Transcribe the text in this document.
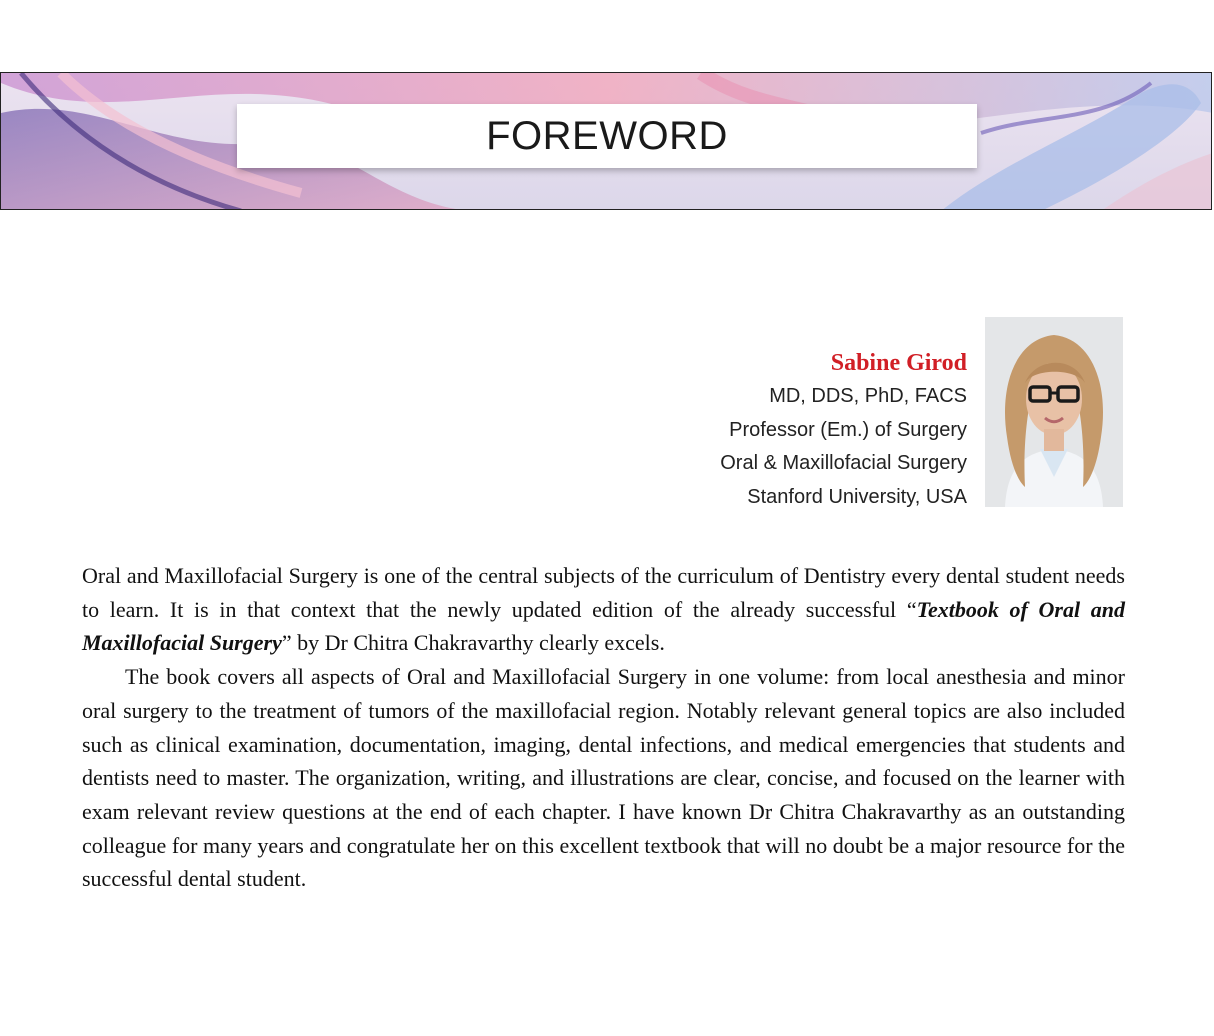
FOREWORD
Sabine Girod
MD, DDS, PhD, FACS
Professor (Em.) of Surgery
Oral & Maxillofacial Surgery
Stanford University, USA

Oral and Maxillofacial Surgery is one of the central subjects of the curriculum of Dentistry every dental student needs to learn. It is in that context that the newly updated edition of the already successful “Textbook of Oral and Maxillofacial Surgery” by Dr Chitra Chakravarthy clearly excels.

The book covers all aspects of Oral and Maxillofacial Surgery in one volume: from local anesthesia and minor oral surgery to the treatment of tumors of the maxillofacial region. Notably relevant general topics are also included such as clinical examination, documentation, imaging, dental infections, and medical emergencies that students and dentists need to master. The organization, writing, and illustrations are clear, concise, and focused on the learner with exam relevant review questions at the end of each chapter. I have known Dr Chitra Chakravarthy as an outstanding colleague for many years and congratulate her on this excellent textbook that will no doubt be a major resource for the successful dental student.
